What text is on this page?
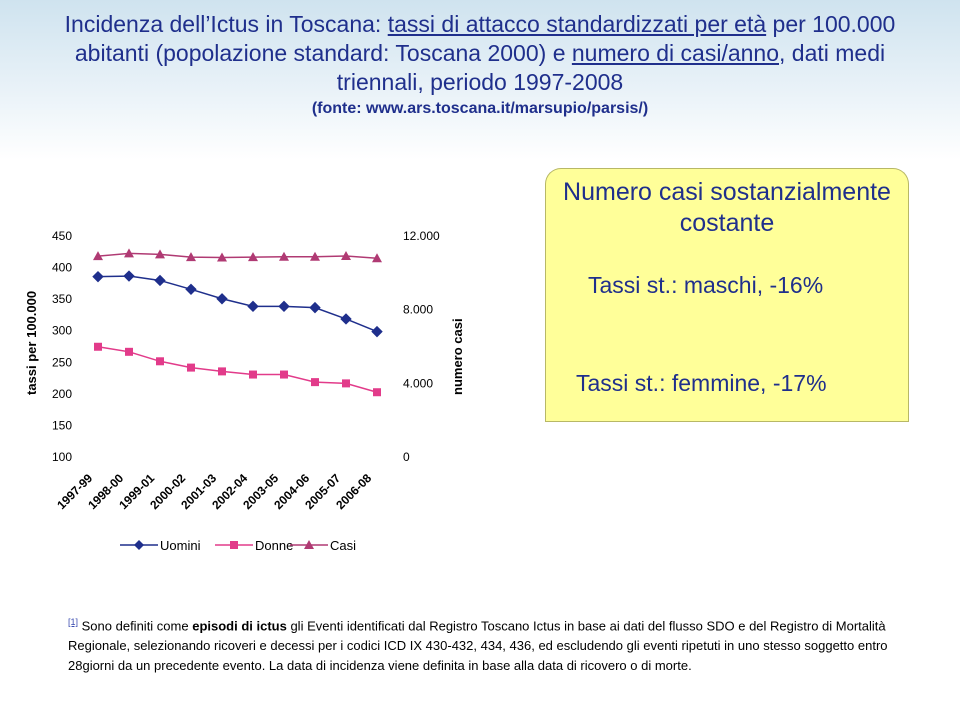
Incidenza dell’Ictus in Toscana: tassi di attacco standardizzati per età per 100.000 abitanti (popolazione standard: Toscana 2000) e numero di casi/anno, dati medi triennali, periodo 1997-2008
(fonte: www.ars.toscana.it/marsupio/parsis/)
450
400
350
300
250
200
150
100
12.000
8.000
4.000
0
tassi per 100.000	numero casi
1997-99
1998-00
1999-01
2000-02
2001-03
2002-04
2003-05
2004-06
2005-07
2006-08
Uomini	Donne	Casi
Numero casi sostanzialmente costante
Tassi st.: maschi, -16%
Tassi st.: femmine, -17%
[1] Sono definiti come episodi di ictus gli Eventi identificati dal Registro Toscano Ictus in base ai dati del flusso SDO e del Registro di Mortalità Regionale, selezionando ricoveri e decessi per i codici ICD IX 430-432, 434, 436, ed escludendo gli eventi ripetuti in uno stesso soggetto entro 28giorni da un precedente evento. La data di incidenza viene definita in base alla data di ricovero o di morte.
